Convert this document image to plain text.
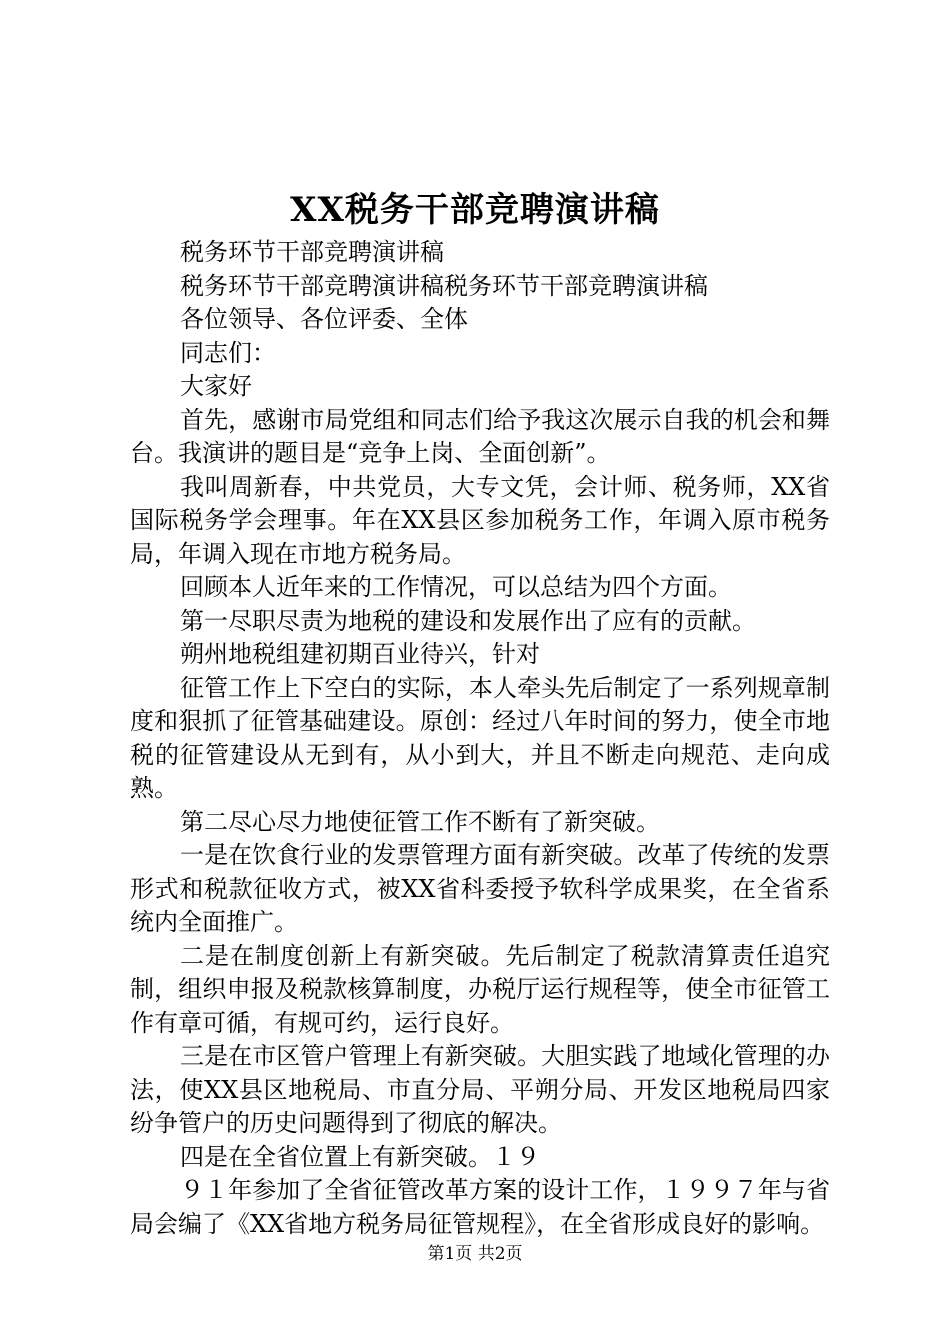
XX税务干部竞聘演讲稿

税务环节干部竞聘演讲稿

税务环节干部竞聘演讲稿税务环节干部竞聘演讲稿

各位领导、各位评委、全体

同志们：

大家好

首先，感谢市局党组和同志们给予我这次展示自我的机会和舞台。我演讲的题目是“竞争上岗、全面创新”。

我叫周新春，中共党员，大专文凭，会计师、税务师，XX省国际税务学会理事。年在XX县区参加税务工作，年调入原市税务局，年调入现在市地方税务局。

回顾本人近年来的工作情况，可以总结为四个方面。

第一尽职尽责为地税的建设和发展作出了应有的贡献。

朔州地税组建初期百业待兴，针对

征管工作上下空白的实际，本人牵头先后制定了一系列规章制度和狠抓了征管基础建设。原创：经过八年时间的努力，使全市地税的征管建设从无到有，从小到大，并且不断走向规范、走向成熟。

第二尽心尽力地使征管工作不断有了新突破。

一是在饮食行业的发票管理方面有新突破。改革了传统的发票形式和税款征收方式，被XX省科委授予软科学成果奖，在全省系统内全面推广。

二是在制度创新上有新突破。先后制定了税款清算责任追究制，组织申报及税款核算制度，办税厅运行规程等，使全市征管工作有章可循，有规可约，运行良好。

三是在市区管户管理上有新突破。大胆实践了地域化管理的办法，使XX县区地税局、市直分局、平朔分局、开发区地税局四家纷争管户的历史问题得到了彻底的解决。

四是在全省位置上有新突破。１９

９１年参加了全省征管改革方案的设计工作，１９９７年与省局会编了《XX省地方税务局征管规程》，在全省形成良好的影响。

第1页 共2页
